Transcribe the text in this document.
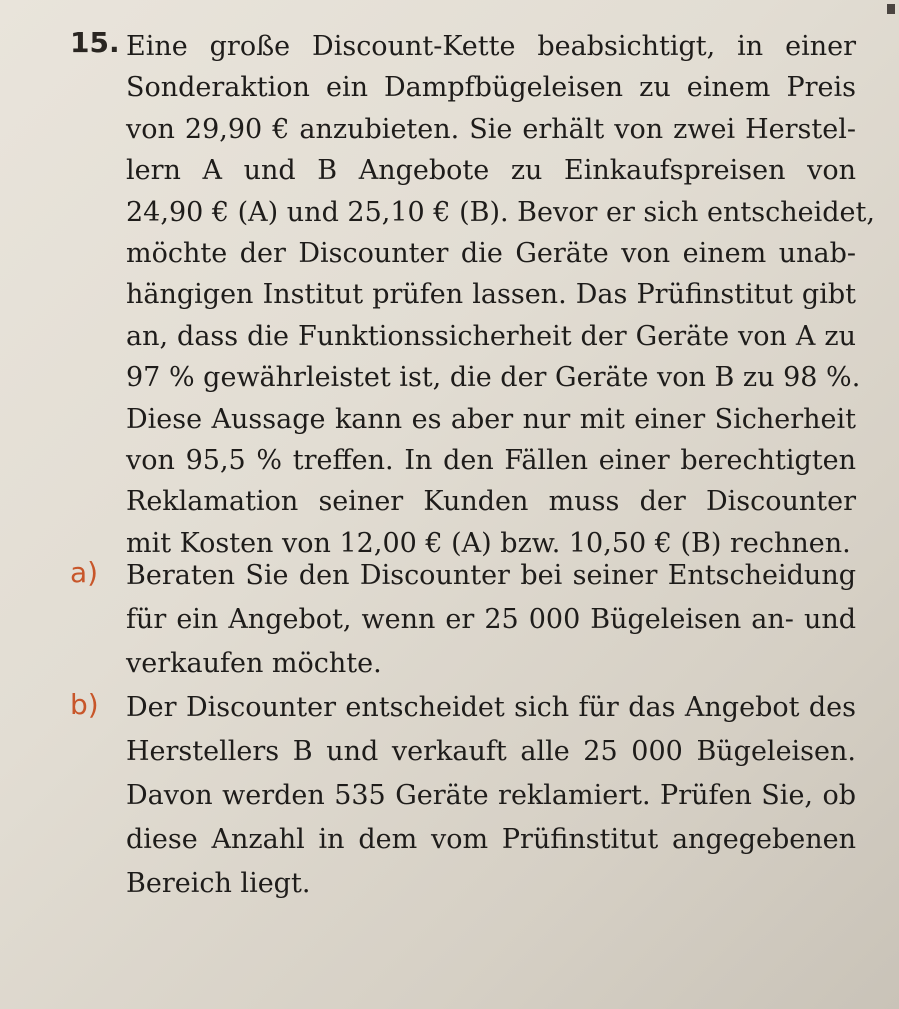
15. Eine große Discount-Kette beabsichtigt, in einer
Sonderaktion ein Dampfbügeleisen zu einem Preis
von 29,90 € anzubieten. Sie erhält von zwei Herstel-
lern A und B Angebote zu Einkaufspreisen von
24,90 € (A) und 25,10 € (B). Bevor er sich entscheidet,
möchte der Discounter die Geräte von einem unab-
hängigen Institut prüfen lassen. Das Prüfinstitut gibt
an, dass die Funktionssicherheit der Geräte von A zu
97 % gewährleistet ist, die der Geräte von B zu 98 %.
Diese Aussage kann es aber nur mit einer Sicherheit
von 95,5 % treffen. In den Fällen einer berechtigten
Reklamation seiner Kunden muss der Discounter
mit Kosten von 12,00 € (A) bzw. 10,50 € (B) rechnen.
a) Beraten Sie den Discounter bei seiner Entscheidung
für ein Angebot, wenn er 25 000 Bügeleisen an- und
verkaufen möchte.
b) Der Discounter entscheidet sich für das Angebot des
Herstellers B und verkauft alle 25 000 Bügeleisen.
Davon werden 535 Geräte reklamiert. Prüfen Sie, ob
diese Anzahl in dem vom Prüfinstitut angegebenen
Bereich liegt.
